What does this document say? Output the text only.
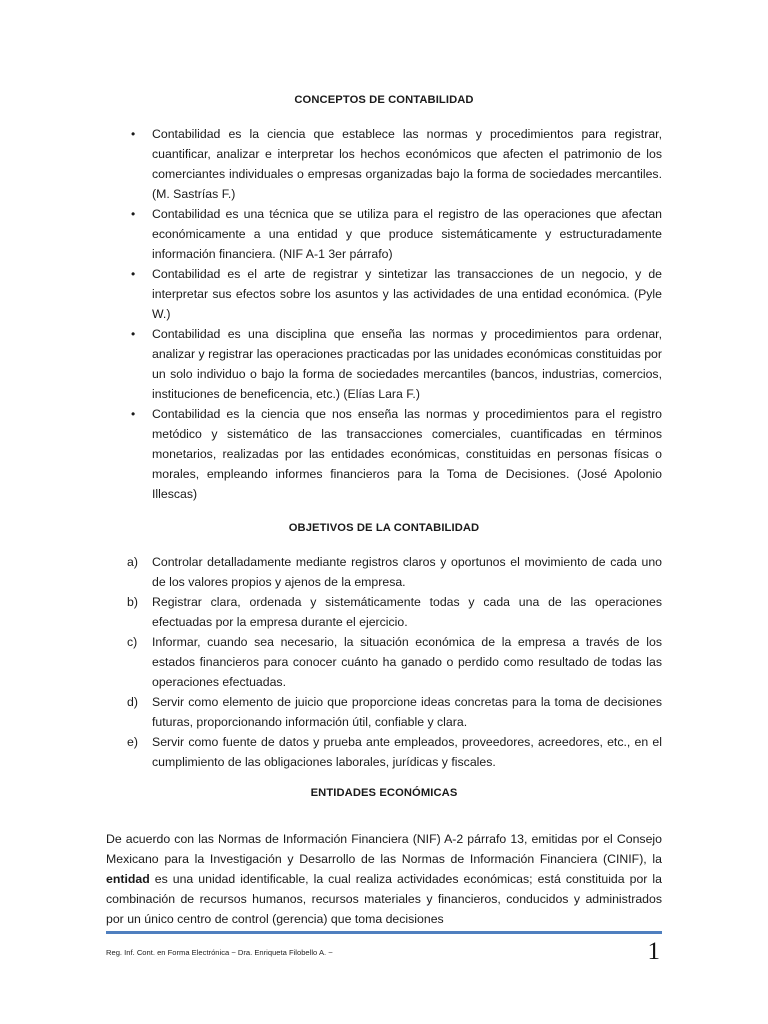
CONCEPTOS DE CONTABILIDAD
• Contabilidad es la ciencia que establece las normas y procedimientos para registrar, cuantificar, analizar e interpretar los hechos económicos que afecten el patrimonio de los comerciantes individuales o empresas organizadas bajo la forma de sociedades mercantiles. (M. Sastrías F.)
• Contabilidad es una técnica que se utiliza para el registro de las operaciones que afectan económicamente a una entidad y que produce sistemáticamente y estructuradamente información financiera. (NIF A-1 3er párrafo)
• Contabilidad es el arte de registrar y sintetizar las transacciones de un negocio, y de interpretar sus efectos sobre los asuntos y las actividades de una entidad económica. (Pyle W.)
• Contabilidad es una disciplina que enseña las normas y procedimientos para ordenar, analizar y registrar las operaciones practicadas por las unidades económicas constituidas por un solo individuo o bajo la forma de sociedades mercantiles (bancos, industrias, comercios, instituciones de beneficencia, etc.) (Elías Lara F.)
• Contabilidad es la ciencia que nos enseña las normas y procedimientos para el registro metódico y sistemático de las transacciones comerciales, cuantificadas en términos monetarios, realizadas por las entidades económicas, constituidas en personas físicas o morales, empleando informes financieros para la Toma de Decisiones. (José Apolonio Illescas)
OBJETIVOS DE LA CONTABILIDAD
a) Controlar detalladamente mediante registros claros y oportunos el movimiento de cada uno de los valores propios y ajenos de la empresa.
b) Registrar clara, ordenada y sistemáticamente todas y cada una de las operaciones efectuadas por la empresa durante el ejercicio.
c) Informar, cuando sea necesario, la situación económica de la empresa a través de los estados financieros para conocer cuánto ha ganado o perdido como resultado de todas las operaciones efectuadas.
d) Servir como elemento de juicio que proporcione ideas concretas para la toma de decisiones futuras, proporcionando información útil, confiable y clara.
e) Servir como fuente de datos y prueba ante empleados, proveedores, acreedores, etc., en el cumplimiento de las obligaciones laborales, jurídicas y fiscales.
ENTIDADES ECONÓMICAS

De acuerdo con las Normas de Información Financiera (NIF) A-2 párrafo 13, emitidas por el Consejo Mexicano para la Investigación y Desarrollo de las Normas de Información Financiera (CINIF), la entidad es una unidad identificable, la cual realiza actividades económicas; está constituida por la combinación de recursos humanos, recursos materiales y financieros, conducidos y administrados por un único centro de control (gerencia) que toma decisiones

Reg. Inf. Cont. en Forma Electrónica ~ Dra. Enriqueta Filobello A. ~	1
